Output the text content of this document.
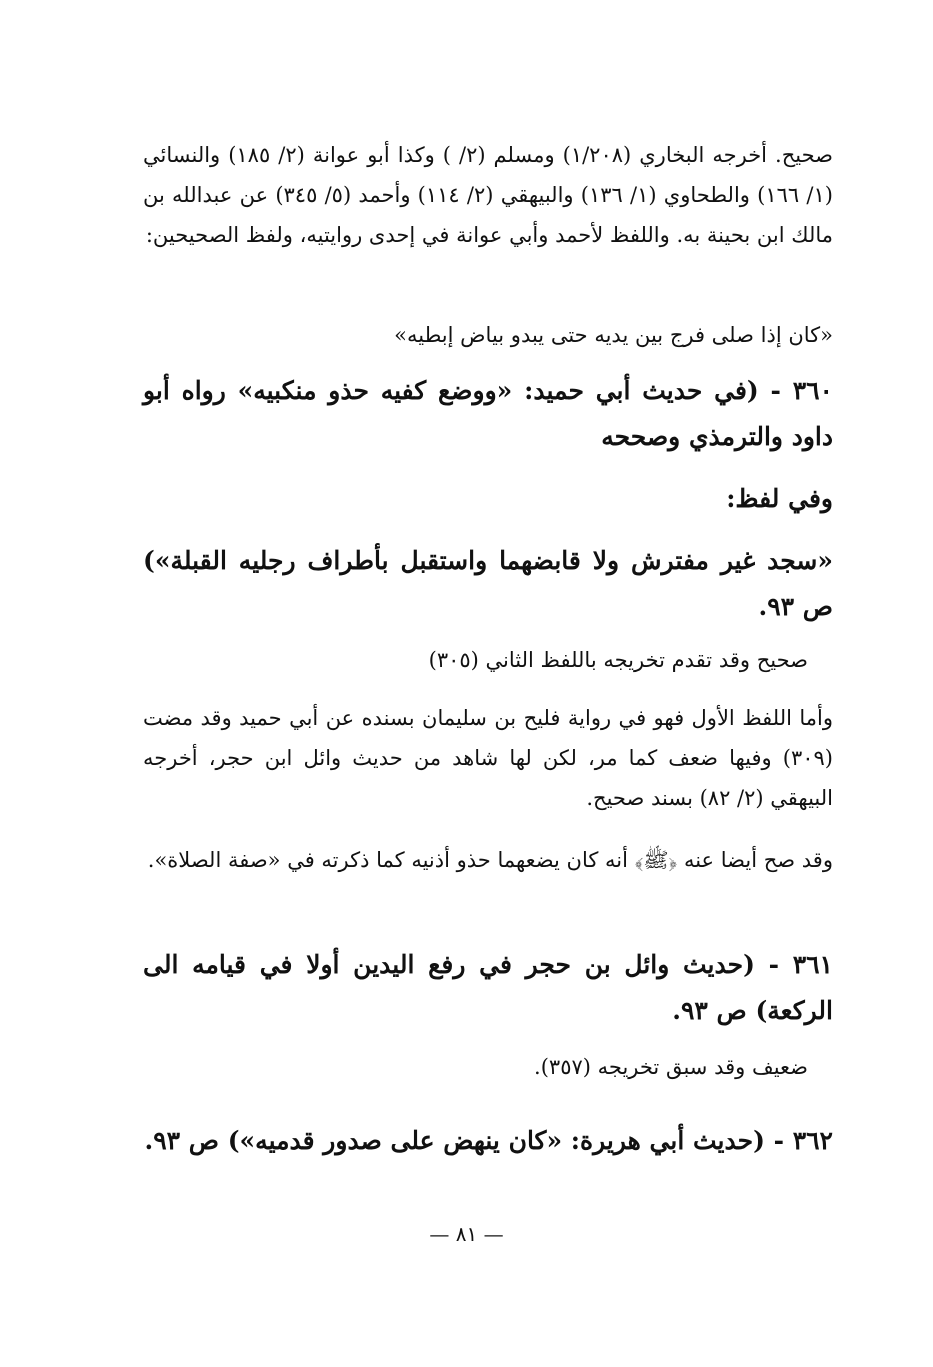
صحيح. أخرجه البخاري (١/٢٠٨) ومسلم (٢/ ) وكذا أبو عوانة (٢/ ١٨٥) والنسائي (١/ ١٦٦) والطحاوي (١/ ١٣٦) والبيهقي (٢/ ١١٤) وأحمد (٥/ ٣٤٥) عن عبدالله بن مالك ابن بحينة به. واللفظ لأحمد وأبي عوانة في إحدى روايتيه، ولفظ الصحيحين:
«كان إذا صلى فرج بين يديه حتى يبدو بياض إبطيه»
٣٦٠ - (في حديث أبي حميد: «ووضع كفيه حذو منكبيه» رواه أبو داود والترمذي وصححه
وفي لفظ:
«سجد غير مفترش ولا قابضهما واستقبل بأطراف رجليه القبلة») ص ٩٣.
صحيح وقد تقدم تخريجه باللفظ الثاني (٣٠٥)
وأما اللفظ الأول فهو في رواية فليح بن سليمان بسنده عن أبي حميد وقد مضت (٣٠٩) وفيها ضعف كما مر، لكن لها شاهد من حديث وائل ابن حجر، أخرجه البيهقي (٢/ ٨٢) بسند صحيح.
وقد صح أيضا عنه ﴿ﷺ﴾ أنه كان يضعهما حذو أذنيه كما ذكرته في «صفة الصلاة».
٣٦١ - (حديث وائل بن حجر في رفع اليدين أولا في قيامه الى الركعة) ص ٩٣.
ضعيف وقد سبق تخريجه (٣٥٧).
٣٦٢ - (حديث أبي هريرة: «كان ينهض على صدور قدميه») ص ٩٣.
— ٨١ —
